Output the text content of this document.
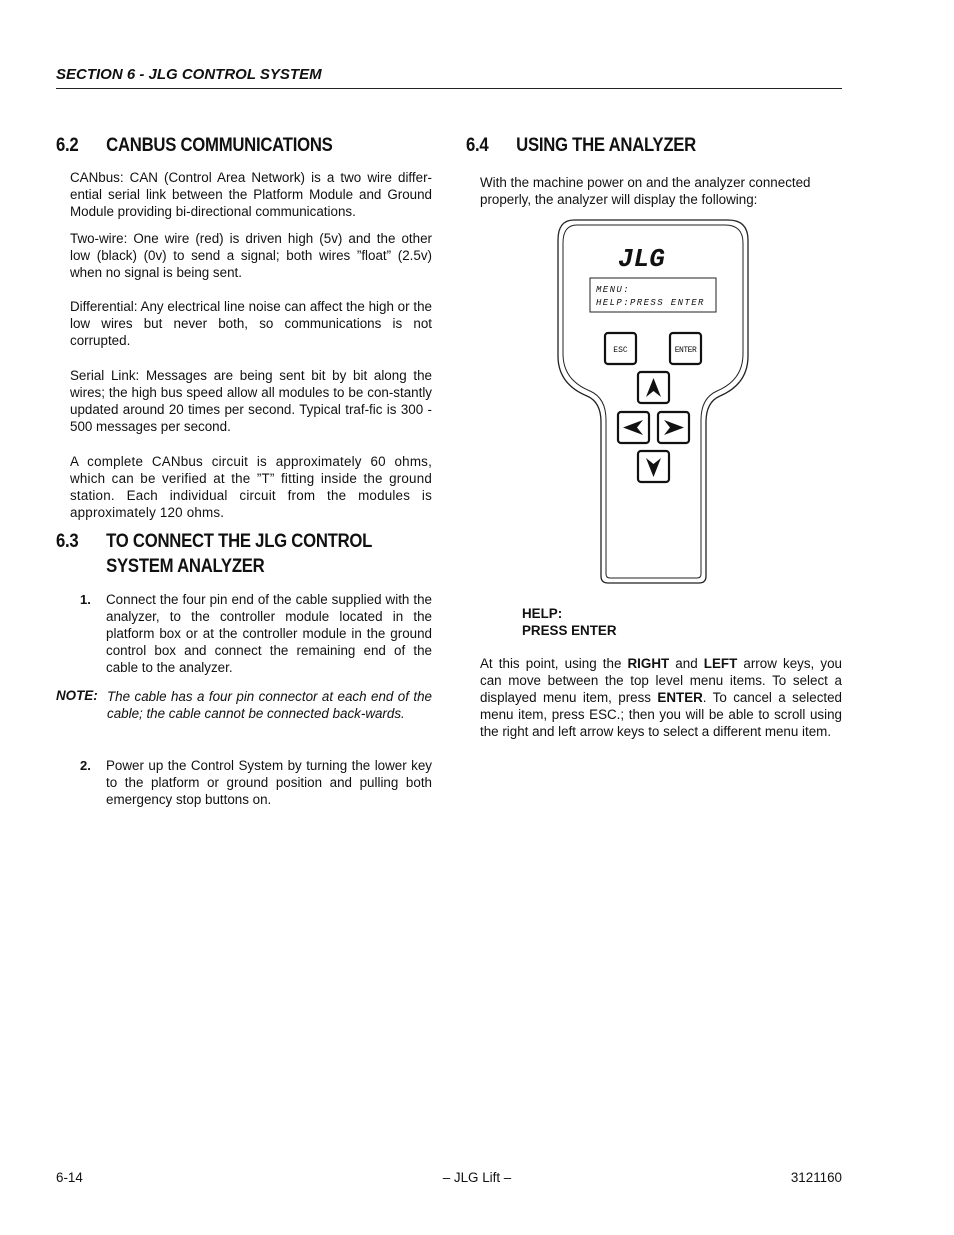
SECTION 6 - JLG CONTROL SYSTEM
6.2 CANBUS COMMUNICATIONS

CANbus: CAN (Control Area Network) is a two wire differ-ential serial link between the Platform Module and Ground Module providing bi-directional communications.

Two-wire: One wire (red) is driven high (5v) and the other low (black) (0v) to send a signal; both wires ”float” (2.5v) when no signal is being sent.

Differential: Any electrical line noise can affect the high or the low wires but never both, so communications is not corrupted.

Serial Link: Messages are being sent bit by bit along the wires; the high bus speed allow all modules to be con-stantly updated around 20 times per second. Typical traf-fic is 300 - 500 messages per second.

A complete CANbus circuit is approximately 60 ohms, which can be verified at the ”T” fitting inside the ground station. Each individual circuit from the modules is approximately 120 ohms.

6.3 TO CONNECT THE JLG CONTROL
SYSTEM ANALYZER
1. Connect the four pin end of the cable supplied with the analyzer, to the controller module located in the platform box or at the controller module in the ground control box and connect the remaining end of the cable to the analyzer.

NOTE: The cable has a four pin connector at each end of the cable; the cable cannot be connected back-wards.
2. Power up the Control System by turning the lower key to the platform or ground position and pulling both emergency stop buttons on.

6.4 USING THE ANALYZER

With the machine power on and the analyzer connected properly, the analyzer will display the following:

JLG
MENU:
HELP:PRESS ENTER
ESC	ENTER
HELP:
PRESS ENTER

At this point, using the RIGHT and LEFT arrow keys, you can move between the top level menu items. To select a displayed menu item, press ENTER. To cancel a selected menu item, press ESC.; then you will be able to scroll using the right and left arrow keys to select a different menu item.

6-14	– JLG Lift –	3121160
